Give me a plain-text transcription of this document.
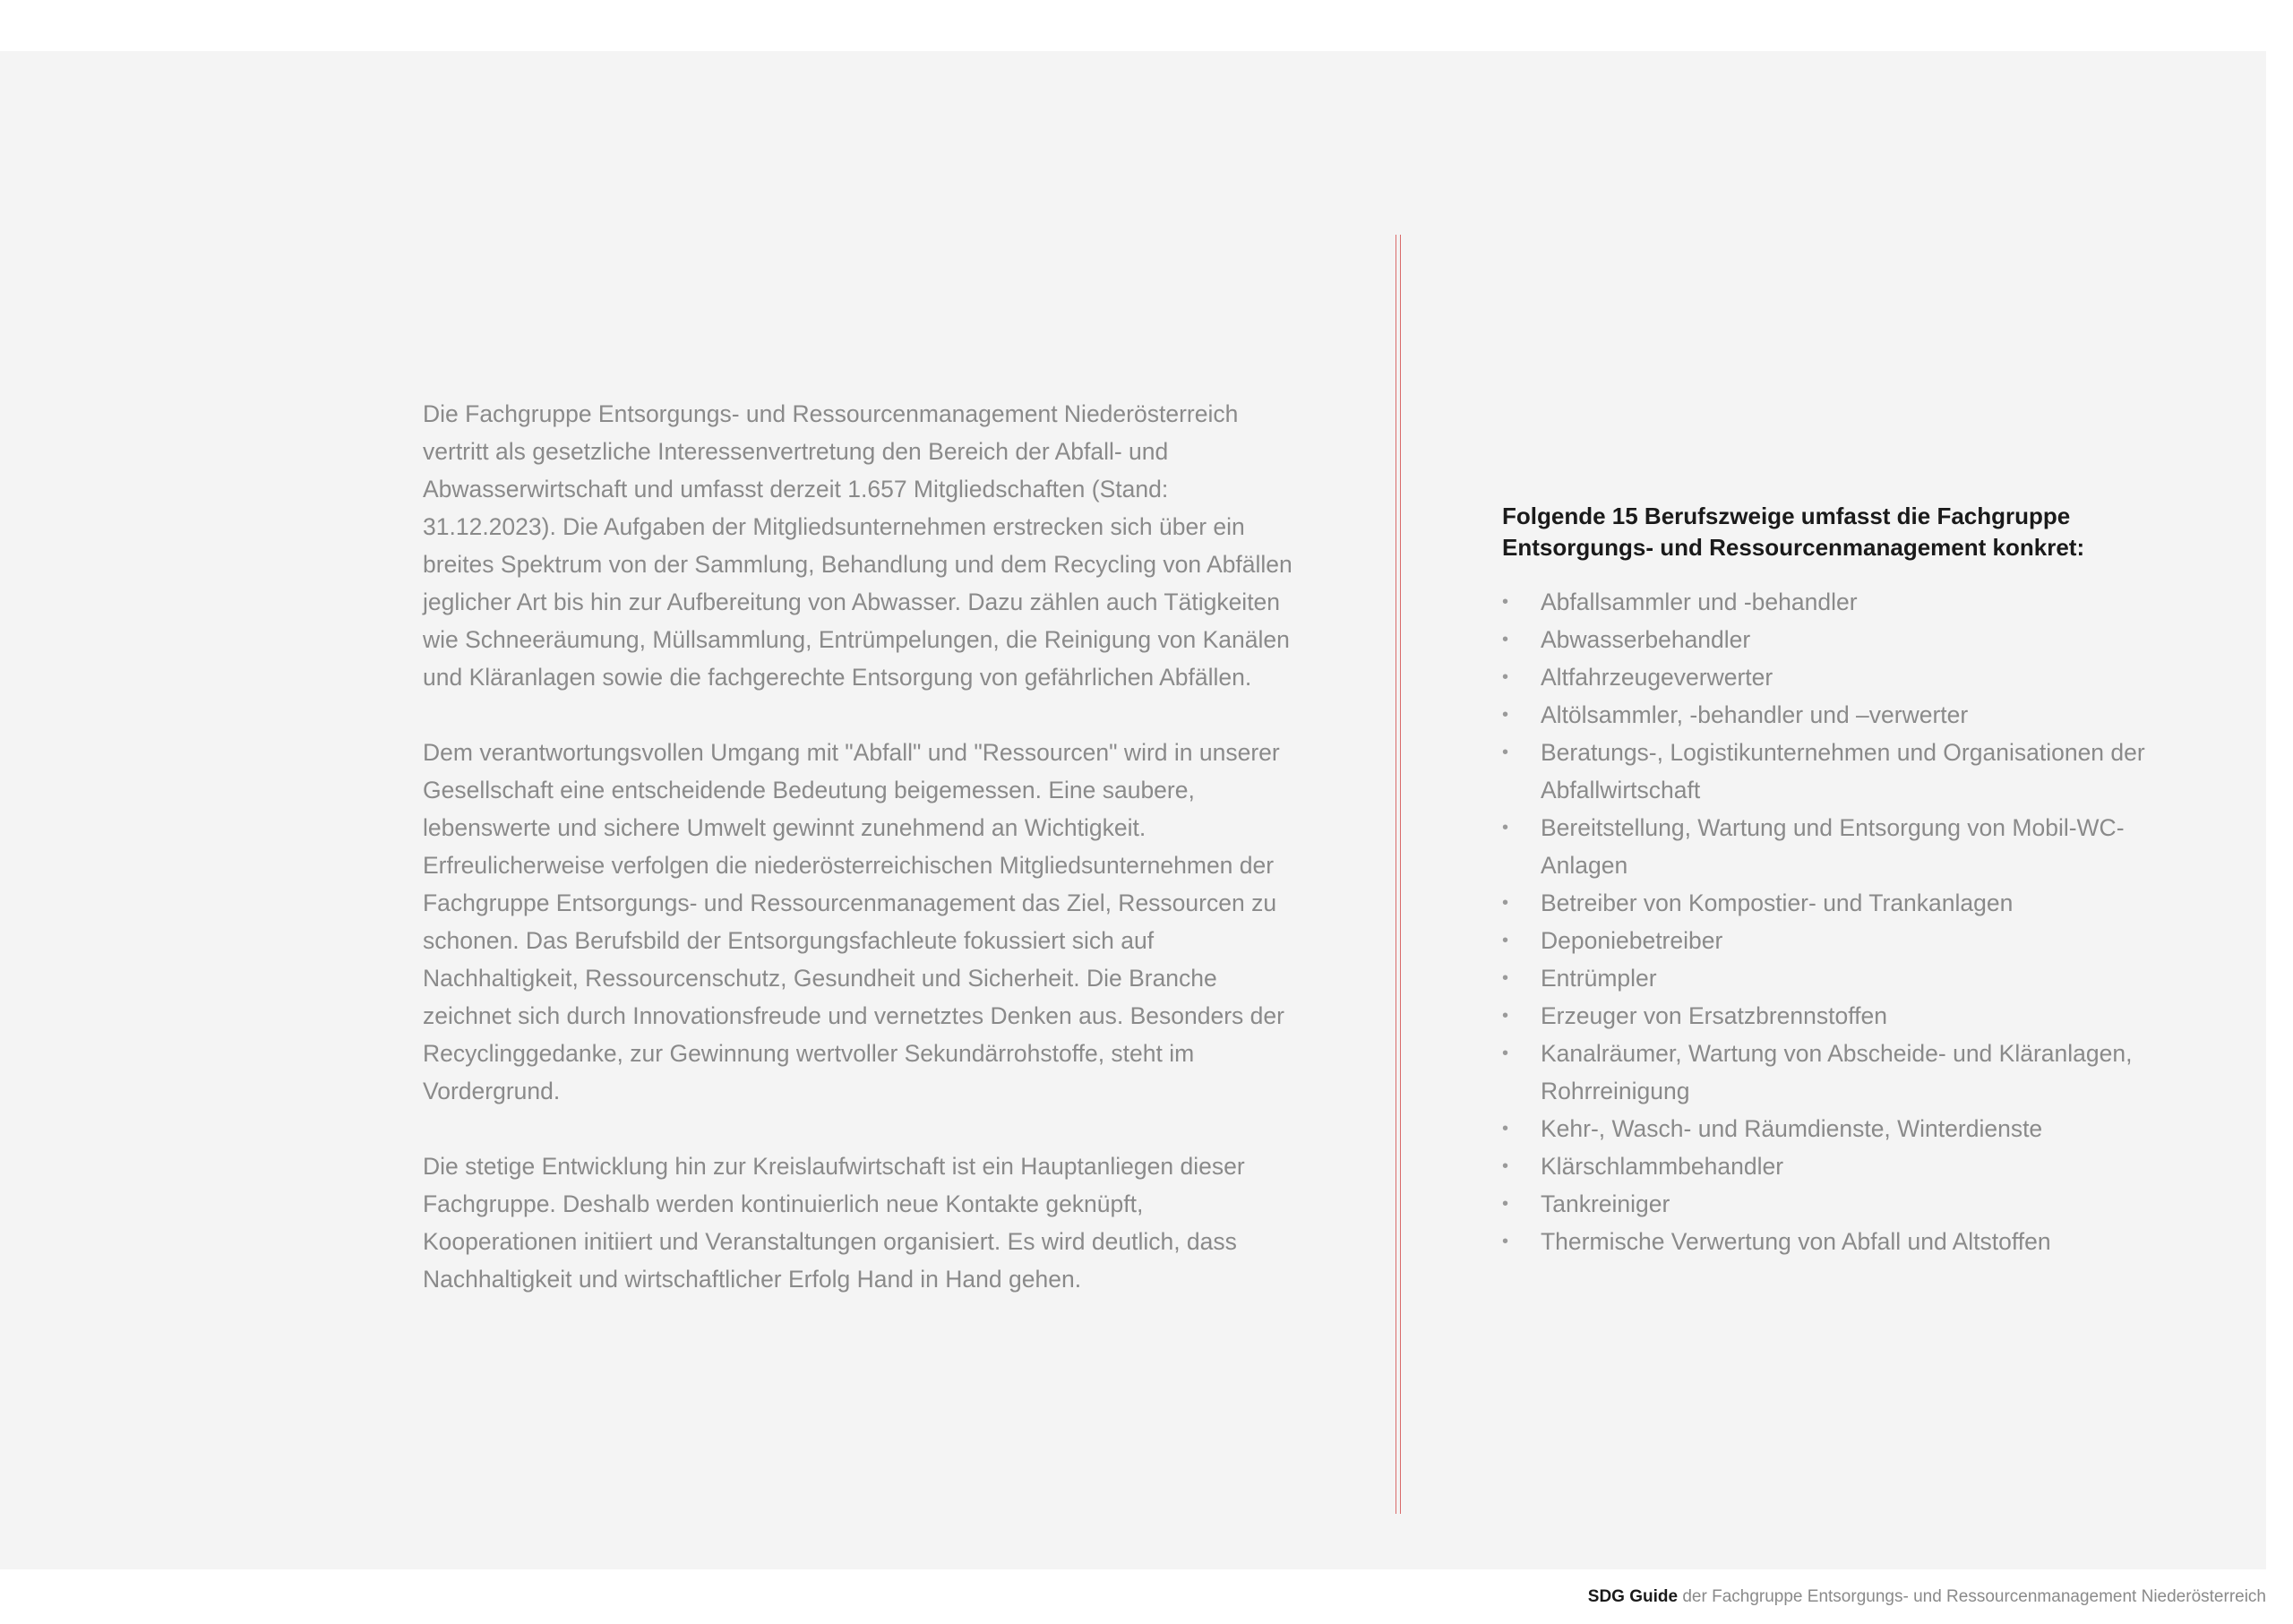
Die Fachgruppe Entsorgungs- und Ressourcenmanagement Niederösterreich vertritt als gesetzliche Interessenvertretung den Bereich der Abfall- und Abwasserwirtschaft und umfasst derzeit 1.657 Mitgliedschaften (Stand: 31.12.2023). Die Aufgaben der Mitgliedsunternehmen erstrecken sich über ein breites Spektrum von der Sammlung, Behandlung und dem Recycling von Abfällen jeglicher Art bis hin zur Aufbereitung von Abwasser. Dazu zählen auch Tätigkeiten wie Schneeräumung, Müllsammlung, Entrümpelungen, die Reinigung von Kanälen und Kläranlagen sowie die fachgerechte Entsorgung von gefährlichen Abfällen.

Dem verantwortungsvollen Umgang mit "Abfall" und "Ressourcen" wird in unserer Gesellschaft eine entscheidende Bedeutung beigemessen. Eine saubere, lebenswerte und sichere Umwelt gewinnt zunehmend an Wichtigkeit. Erfreulicherweise verfolgen die niederösterreichischen Mitgliedsunternehmen der Fachgruppe Entsorgungs- und Ressourcenmanagement das Ziel, Ressourcen zu schonen. Das Berufsbild der Entsorgungsfachleute fokussiert sich auf Nachhaltigkeit, Ressourcenschutz, Gesundheit und Sicherheit. Die Branche zeichnet sich durch Innovationsfreude und vernetztes Denken aus. Besonders der Recyclinggedanke, zur Gewinnung wertvoller Sekundärrohstoffe, steht im Vordergrund.

Die stetige Entwicklung hin zur Kreislaufwirtschaft ist ein Hauptanliegen dieser Fachgruppe. Deshalb werden kontinuierlich neue Kontakte geknüpft, Kooperationen initiiert und Veranstaltungen organisiert. Es wird deutlich, dass Nachhaltigkeit und wirtschaftlicher Erfolg Hand in Hand gehen.

Folgende 15 Berufszweige umfasst die Fachgruppe Entsorgungs- und Ressourcenmanagement konkret:
• Abfallsammler und -behandler
• Abwasserbehandler
• Altfahrzeugeverwerter
• Altölsammler, -behandler und –verwerter
• Beratungs-, Logistikunternehmen und Organisationen der Abfallwirtschaft
• Bereitstellung, Wartung und Entsorgung von Mobil-WC-Anlagen
• Betreiber von Kompostier- und Trankanlagen
• Deponiebetreiber
• Entrümpler
• Erzeuger von Ersatzbrennstoffen
• Kanalräumer, Wartung von Abscheide- und Kläranlagen, Rohrreinigung
• Kehr-, Wasch- und Räumdienste, Winterdienste
• Klärschlammbehandler
• Tankreiniger
• Thermische Verwertung von Abfall und Altstoffen
SDG Guide der Fachgruppe Entsorgungs- und Ressourcenmanagement Niederösterreich
